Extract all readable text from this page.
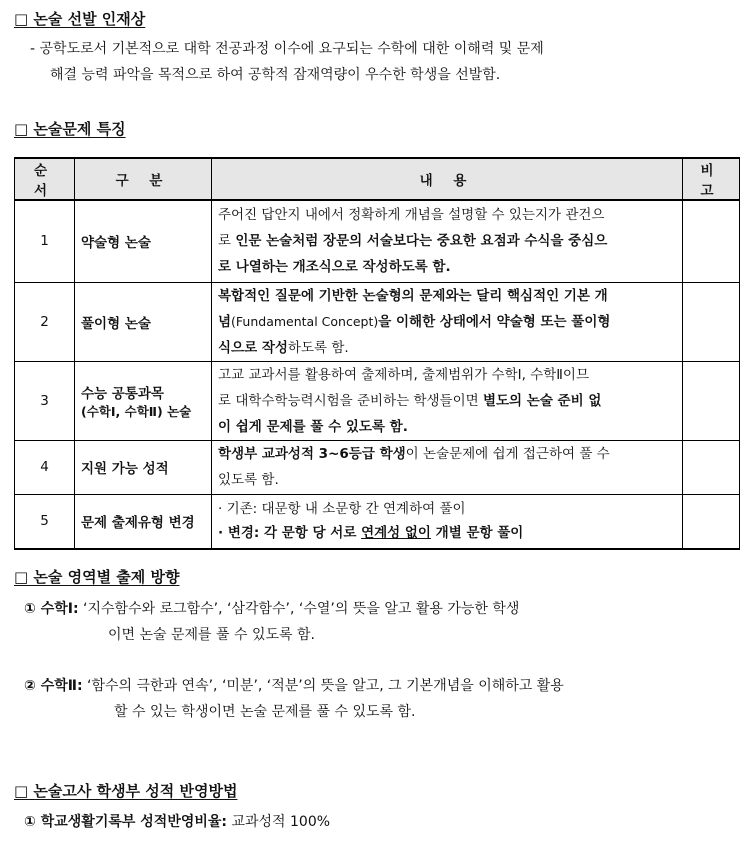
□ 논술 선발 인재상
- 공학도로서 기본적으로 대학 전공과정 이수에 요구되는 수학에 대한 이해력 및 문제
해결 능력 파악을 목적으로 하여 공학적 잠재역량이 우수한 학생을 선발함.
□ 논술문제 특징
순 서	구 분	내 용	비 고
1	약술형 논술	주어진 답안지 내에서 정확하게 개념을 설명할 수 있는지가 관건으
로 인문 논술처럼 장문의 서술보다는 중요한 요점과 수식을 중심으
로 나열하는 개조식으로 작성하도록 함.	

2	풀이형 논술	복합적인 질문에 기반한 논술형의 문제와는 달리 핵심적인 기본 개
념(Fundamental Concept)을 이해한 상태에서 약술형 또는 풀이형
식으로 작성하도록 함.	

3	수능 공통과목
(수학Ⅰ, 수학Ⅱ) 논술	고교 교과서를 활용하여 출제하며, 출제범위가 수학Ⅰ, 수학Ⅱ이므
로 대학수학능력시험을 준비하는 학생들이면 별도의 논술 준비 없
이 쉽게 문제를 풀 수 있도록 함.	

4	지원 가능 성적	학생부 교과성적 3~6등급 학생이 논술문제에 쉽게 접근하여 풀 수
있도록 함.	

5	문제 출제유형 변경	· 기존: 대문항 내 소문항 간 연계하여 풀이
· 변경: 각 문항 당 서로 연계성 없이 개별 문항 풀이	

□ 논술 영역별 출제 방향
① 수학Ⅰ: ‘지수함수와 로그함수’, ‘삼각함수’, ‘수열’의 뜻을 알고 활용 가능한 학생
이면 논술 문제를 풀 수 있도록 함.
② 수학Ⅱ: ‘함수의 극한과 연속’, ‘미분’, ‘적분’의 뜻을 알고, 그 기본개념을 이해하고 활용
할 수 있는 학생이면 논술 문제를 풀 수 있도록 함.
□ 논술고사 학생부 성적 반영방법
① 학교생활기록부 성적반영비율: 교과성적 100%
